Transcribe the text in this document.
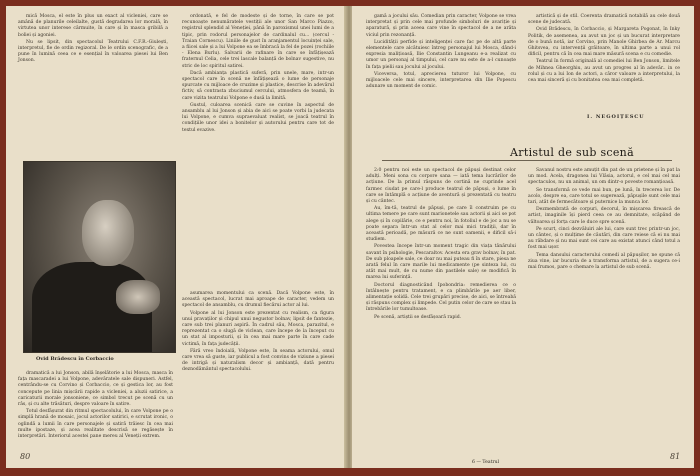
mică Mosca, el este în plus un exact al vicleniei, care se amână de planurile celeilalte, gustă degradarea lor morală, în virtutea unor interese cârmuite, în care și în masca gribilă a boliei și agoniei.

Nu se lipsit, din spectacolul Teatrului C.F.R.-Giulești, interpretul, fie de ordin regizoral. De le ordin scenografic, de a pune în lumină ceea ce e esențial în valoarea piesei lui Ben Jonson.

ordonată, e fel de modeste și de torne, în care se pot recunoaște nenumăratele vestiții ale unor San Marco Piazzo, registrul splendid al Veneției, până în paroxismul unei lumi de a tipic, prin rodorul personajelor de cardinalul cu... (cercul - Traian Cornescu). Liniile de gust în aranjamentul locuinței sale, a fiicei sale și a lui Volpone ea se îmbracă la fel de pozei (rochiile - Elena Burlu). Salvarii de rafinare în care se înfățișează fraternul Celia, cele trei lascale balanță de bolnav sugestive, nu stric de loc spiritul satirei.

Dacă ambianța plastică suferă, prin unele, mare, intr-un spectacol care în scenă ne înfățișează o lume de personaje spurcate cu mijloace de cruzime și plastice, descrise în adevărul fictiv, să contrasta zbuciumul cercului, atmosfera de teamă, în care vizita teatrului Volpone e dusă la limită.

Gustul, culoarea scenică care se cuvine în aspectul de ansamblu al lui Jonson și abia de aici se poate vorbi la judecata lui Volpone, e cumva supraevaluat realist, se joacă teatrul în condițiile unor idei a bonitelor și autorului pentru care tot de textul evazive.

Ovid Brădescu în Corbaccio

dramatică a lui Jonson, abilă înșelătorie a lui Mosca, masca în fața mascaradei a lui Volpone, adevăratele sale dispuneri. Astfel, centrându-se cu Corvino și Corbaccio, ce și gestica lor, au fost concepute pe linia mișcării rapide a vicleniei, a aluzii satirice, a caricaturii morale jonsoniene, ce simbol trecut pe scenă cu un râs, și cu alte trăsături, despre valoare în satire.

Totul desfășurat din ritmul spectacolului, în care Volpone pe o simplă hrană de mosaic, jocul actorilor satirici, e scrutat ironic, o oglindă a lumii în care personajele și satiră trăiesc în cea mai multe ipostaze, și acea realitate descrisă se regăsește în interpretări. Interiorul acestei pane mereu al Veneții extrem.

asumarea momentului ca scenă. Dacă Volpone este, în această spectacol, lucrat mai aproape de caracter, vedem un spectacol de ansamblu, cu drumul fiecărui actor al lui.

Volpone al lui Jonson este prezentat cu realism, ca figura unui pravaților și chipul unui negustor bolnav, lipsit de fantezie, care sub trei planuri aspiră. În cadrul său, Mosca, parazitul, e reprezentat ca o slugă de viclean, care începe de la început cu un stat al imposturii, și în cea mai mare parte în care cade victimă, în fața judecății.

Fără vreo îndoială, Volpone este, în seama actorului, omul care vrea să guste, iar publicul a fost convins de viziune a piesei de intrigă și naturalism decor și ambianță, dată pentru deznodământul spectacolului.

80

gamă a jocului său. Comedian prin caracter, Volpone se vrea interpretat și prin cele mai profunde simboluri de avariție și aparatură, și prin aceea care vine în spectacol de a ne arăta viciul prin rezonanță.

Lucidității perfide și inteligenței care fac pe de altă parte elementele care alcătuiesc întreg personajul lui Mosca, dând-i expresia malițioasă, Ilie Constantin Lungeanu e-a realizat cu umor un personaj al timpului, cel care nu este de a-l cunoaște în fața pielii sau jocului al jocului.

Viceversa, totul, aprecierea tuturor lui Volpone, cu mijloacele cele mai sincere, interpretarea din Ilie Popescu adunare un moment de comic.

artistică și de stil. Coerenta dramatică notabilă au cele două scene de judecată.

Ovid Brădescu, în Corbaccio, și Margareta Pogonat, în Inky Politik, de asemenea, au avut un joc și un bucurat interpretare de o bună notă, iar Corvino, prin Manole Ghirbea de Ar. Marcu Ghitsvea, cu intervenții grăitoare, în ultima parte a unui rol dificil, pentru că în cea mai mare măsură scena e cu comedie.

Teatrul în formă originală al comediei lui Ben Jonson, limitele de Mihnea Gheorghiu, au avut un progres al în adevăr.. in ce rolul și cu a lui Ion de actori, a căror valoare a interpretului, la cea mai sinceră și cu bonitatea cea mai completă.

I. NEGOIȚESCU
Artistul de sub scenă

2:0 pentru noi este un spectacol de păpuși destinat celor adulți. Meni sona cu corpore sana — iată tema lucrărilor de acțiune. De la primul răspuns de cortină ne cuprinde acel farmec ciudat pe care-l produce teatrul de păpuși, o lume în care se întâmplă o acțiune de aventură și prezentată cu teatru și cu cântec.

Au, îm-tă, teatrul de păpuși, pe care îl construim pe cu ultima temere pe care sunt marionetele sau actorii și aici se pot alege și în copilărie, ce e pentru noi, în fotoliul e de joc a nu se poate separa într-un stat al celor mai mici tradiții, dar în această perioadă, pe măsură ce ne sunt oamenii, e dificil să-i studiem.

Povestea începe într-un moment tragic din viața tânărului savant în psihologie, Pescaraltov. Acesta era grav bolnav, în pat. De sub ploapele sale, ce doar nu mai puteau fi în stare, piesa ne arată felul în care marile lui medicamente (pe sinteza lui, cu atât mai mult, de cu nume din pastilele sale) se modifică în marea lui suferință.

Doctorul diagnosticând Ipobondria: remedierea ce o întâlnește pentru tratament, e ca plimbările pe aer liber, alimentație solidă. Cele trei grupări precise, de aici, se întreabă și răspuns complex și limpede. Cel putin celor de care se stau la întrebările lor tumultoase.

Pe scenă, artiștii se desfășoară rapid.

Savanul nostru este amuțit din pat de un prietene și în pat la un mod. Acela, dragonea lui Vlăsia, actorul, e cel mai cel mai spectaculos, nu un animal, un om dintr-o poveste romanțioasă.

Se transformă ce vede mai bun, pe lună, în trecerea lor. De acolo, despre ea, care totul se sugerează, păpușile sunt cele mai tari, atât de fermecătoare și puternice la munca lor.

Dezmembrată de corpuri, decorul, în mișcarea firească de artist, imaginile își pierd ceea ce au demnitate, scăpând de vâltoarea și forța care le duce spre scenă.

Pe scurt, cinci dezvăluiri ale lui, care sunt trec printr-un joc, un cântec, și o mulțime de căutări, din care reiese că ei nu mai au răbdare și nu mai sunt cei care au existat atunci când totul a fost mai ușor.

Tema dansului caracterului comedi al păpușilor, ne spune că ziua vine, iar bucuria de a transforma artistul, de a sugera ce-i mai frumos, pare o chemare la artistul de sub scenă.

6 — Teatrul
81
